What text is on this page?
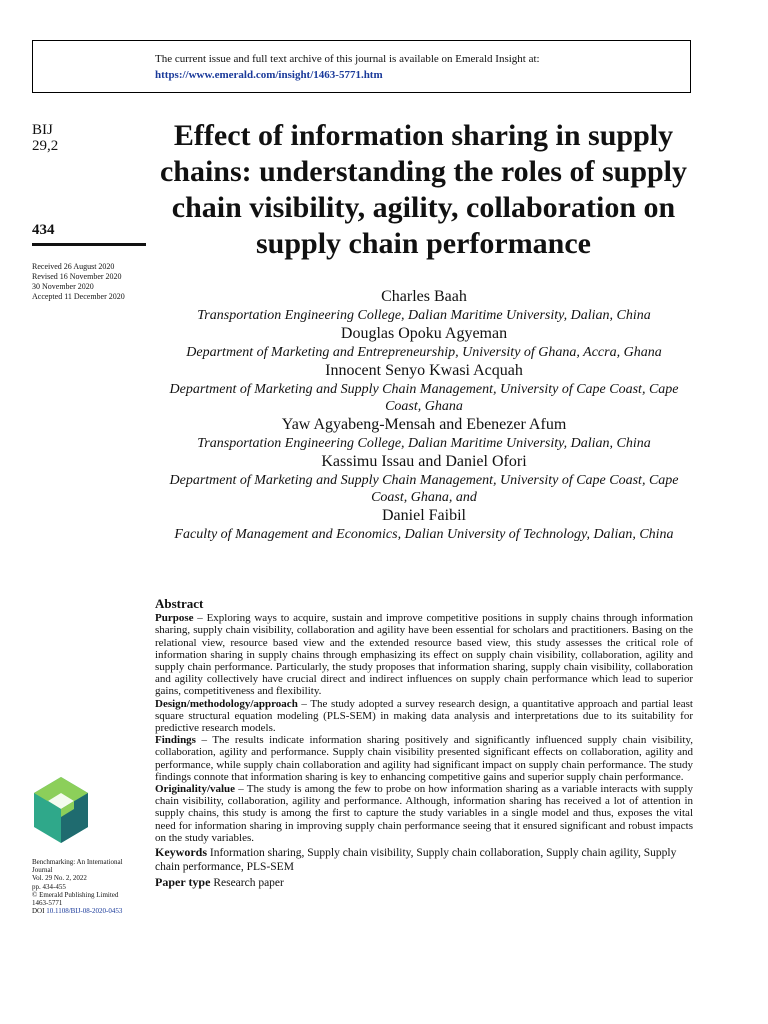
The current issue and full text archive of this journal is available on Emerald Insight at:
https://www.emerald.com/insight/1463-5771.htm
BIJ
29,2
434
Received 26 August 2020
Revised 16 November 2020
30 November 2020
Accepted 11 December 2020
Effect of information sharing in supply chains: understanding the roles of supply chain visibility, agility, collaboration on supply chain performance
Charles Baah
Transportation Engineering College, Dalian Maritime University, Dalian, China
Douglas Opoku Agyeman
Department of Marketing and Entrepreneurship, University of Ghana, Accra, Ghana
Innocent Senyo Kwasi Acquah
Department of Marketing and Supply Chain Management, University of Cape Coast, Cape Coast, Ghana
Yaw Agyabeng-Mensah and Ebenezer Afum
Transportation Engineering College, Dalian Maritime University, Dalian, China
Kassimu Issau and Daniel Ofori
Department of Marketing and Supply Chain Management, University of Cape Coast, Cape Coast, Ghana, and
Daniel Faibil
Faculty of Management and Economics, Dalian University of Technology, Dalian, China
Abstract

Purpose – Exploring ways to acquire, sustain and improve competitive positions in supply chains through information sharing, supply chain visibility, collaboration and agility have been essential for scholars and practitioners. Basing on the relational view, resource based view and the extended resource based view, this study assesses the critical role of information sharing in supply chains through emphasizing its effect on supply chain visibility, collaboration, agility and supply chain performance. Particularly, the study proposes that information sharing, supply chain visibility, collaboration and agility collectively have crucial direct and indirect influences on supply chain performance which lead to superior gains, competitiveness and flexibility.

Design/methodology/approach – The study adopted a survey research design, a quantitative approach and partial least square structural equation modeling (PLS-SEM) in making data analysis and interpretations due to its suitability for predictive research models.

Findings – The results indicate information sharing positively and significantly influenced supply chain visibility, collaboration, agility and performance. Supply chain visibility presented significant effects on collaboration, agility and performance, while supply chain collaboration and agility had significant impact on supply chain performance. The study findings connote that information sharing is key to enhancing competitive gains and superior supply chain performance.

Originality/value – The study is among the few to probe on how information sharing as a variable interacts with supply chain visibility, collaboration, agility and performance. Although, information sharing has received a lot of attention in supply chains, this study is among the first to capture the study variables in a single model and thus, exposes the vital need for information sharing in improving supply chain performance seeing that it ensured significant and robust impacts on the study variables.

Keywords Information sharing, Supply chain visibility, Supply chain collaboration, Supply chain agility, Supply chain performance, PLS-SEM
Paper type Research paper
Benchmarking: An International
Journal
Vol. 29 No. 2, 2022
pp. 434-455
© Emerald Publishing Limited
1463-5771
DOI 10.1108/BIJ-08-2020-0453
